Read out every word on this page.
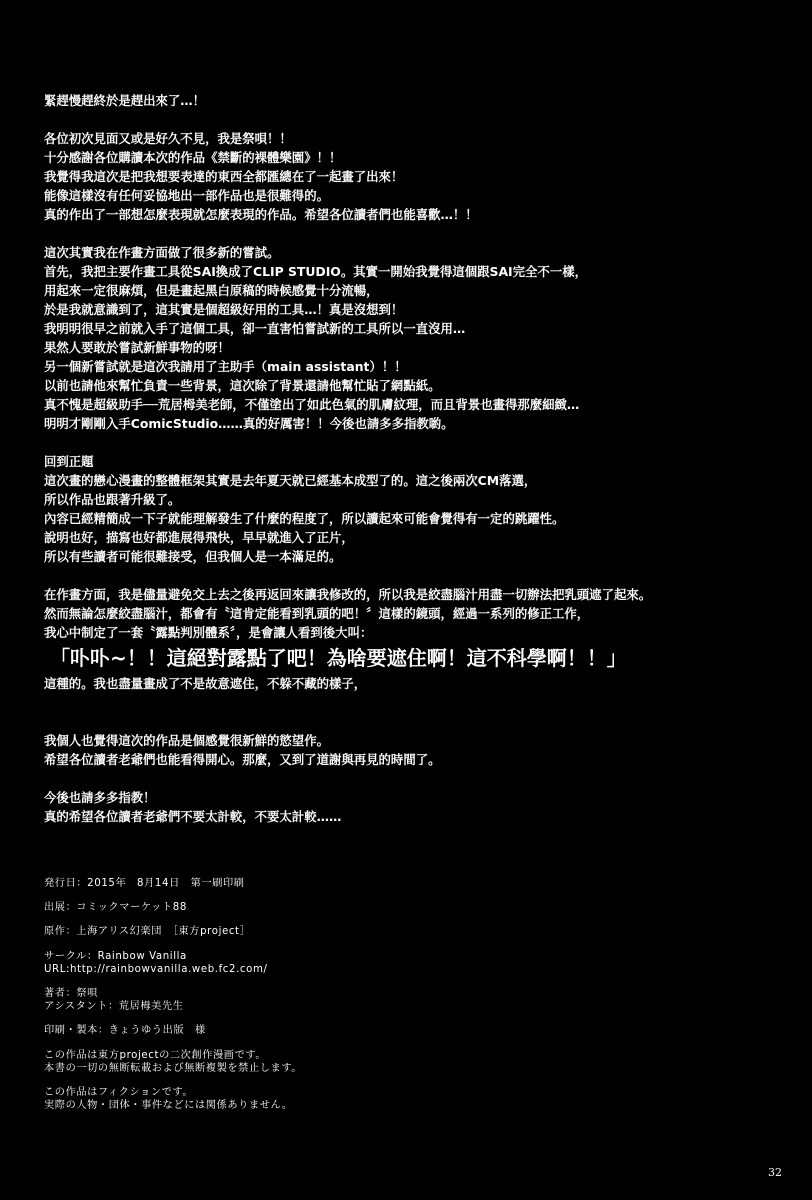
緊趕慢趕終於是趕出來了…！
各位初次見面又或是好久不見，我是祭唄！！
十分感謝各位購讀本次的作品《禁斷的裸體樂園》！！
我覺得我這次是把我想要表達的東西全都匯總在了一起畫了出來！
能像這樣沒有任何妥協地出一部作品也是很難得的。
真的作出了一部想怎麼表現就怎麼表現的作品。希望各位讀者們也能喜歡…！！
這次其實我在作畫方面做了很多新的嘗試。
首先，我把主要作畫工具從SAI換成了CLIP STUDIO。其實一開始我覺得這個跟SAI完全不一樣，
用起來一定很麻煩，但是畫起黑白原稿的時候感覺十分流暢，
於是我就意識到了，這其實是個超級好用的工具…！真是沒想到！
我明明很早之前就入手了這個工具，卻一直害怕嘗試新的工具所以一直沒用…
果然人要敢於嘗試新鮮事物的呀！
另一個新嘗試就是這次我請用了主助手（main assistant）！！
以前也請他來幫忙負責一些背景，這次除了背景還請他幫忙貼了網點紙。
真不愧是超級助手──荒居栂美老師，不僅塗出了如此色氣的肌膚紋理，而且背景也畫得那麼細緻…
明明才剛剛入手ComicStudio……真的好厲害！！今後也請多多指教喲。
回到正題
這次畫的戀心漫畫的整體框架其實是去年夏天就已經基本成型了的。這之後兩次CM落選，
所以作品也跟著升級了。
內容已經精簡成一下子就能理解發生了什麼的程度了，所以讀起來可能會覺得有一定的跳躍性。
說明也好，描寫也好都進展得飛快，早早就進入了正片，
所以有些讀者可能很難接受，但我個人是一本滿足的。
在作畫方面，我是儘量避免交上去之後再返回來讓我修改的，所以我是絞盡腦汁用盡一切辦法把乳頭遮了起來。
然而無論怎麼絞盡腦汁，都會有〝這肯定能看到乳頭的吧！〞這樣的鏡頭，經過一系列的修正工作，
我心中制定了一套〝露點判別體系〞，是會讓人看到後大叫：
「卟卟~！！這絕對露點了吧！為啥要遮住啊！這不科學啊！！」
這種的。我也盡量畫成了不是故意遮住，不躲不藏的樣子，
我個人也覺得這次的作品是個感覺很新鮮的慾望作。
希望各位讀者老爺們也能看得開心。那麼，又到了道謝與再見的時間了。
今後也請多多指教！
真的希望各位讀者老爺們不要太計較，不要太計較……
発行日：2015年　8月14日　第一刷印刷
出展：コミックマーケット88
原作：上海アリス幻楽団　［東方project］
サークル：Rainbow Vanilla
URL:http://rainbowvanilla.web.fc2.com/
著者：祭唄
アシスタント：荒居栂美先生
印刷・製本：きょうゆう出版　様
この作品は東方projectの二次創作漫画です。
本書の一切の無断転載および無断複製を禁止します。
この作品はフィクションです。
実際の人物・団体・事件などには関係ありません。
32
